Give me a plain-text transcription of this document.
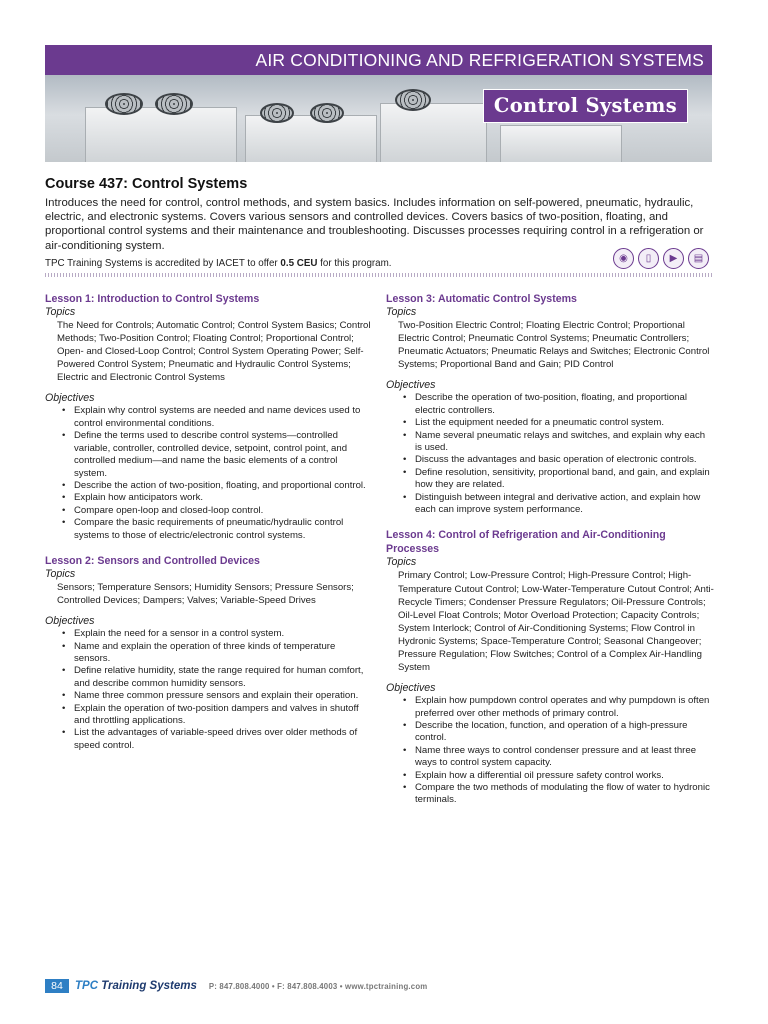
AIR CONDITIONING AND REFRIGERATION SYSTEMS
Control Systems
Course 437: Control Systems

Introduces the need for control, control methods, and system basics. Includes information on self-powered, pneumatic, hydraulic, electric, and electronic systems. Covers various sensors and controlled devices. Covers basics of two-position, floating, and proportional control systems and their maintenance and troubleshooting. Discusses processes requiring control in a refrigeration or air-conditioning system.

TPC Training Systems is accredited by IACET to offer 0.5 CEU for this program.	◉	▯	▶	▤

Lesson 1: Introduction to Control Systems

Topics

The Need for Controls; Automatic Control; Control System Basics; Control Methods; Two-Position Control; Floating Control; Proportional Control; Open- and Closed-Loop Control; Control System Operating Power; Self-Powered Control System; Pneumatic and Hydraulic Control Systems; Electric and Electronic Control Systems

Objectives

• Explain why control systems are needed and name devices used to control environmental conditions.
• Define the terms used to describe control systems—controlled variable, controller, controlled device, setpoint, control point, and controlled medium—and name the basic elements of a control system.
• Describe the action of two-position, floating, and proportional control.
• Explain how anticipators work.
• Compare open-loop and closed-loop control.
• Compare the basic requirements of pneumatic/hydraulic control systems to those of electric/electronic control systems.

Lesson 2: Sensors and Controlled Devices

Topics

Sensors; Temperature Sensors; Humidity Sensors; Pressure Sensors; Controlled Devices; Dampers; Valves; Variable-Speed Drives

Objectives

• Explain the need for a sensor in a control system.
• Name and explain the operation of three kinds of temperature sensors.
• Define relative humidity, state the range required for human comfort, and describe common humidity sensors.
• Name three common pressure sensors and explain their operation.
• Explain the operation of two-position dampers and valves in shutoff and throttling applications.
• List the advantages of variable-speed drives over older methods of speed control.

Lesson 3: Automatic Control Systems

Topics

Two-Position Electric Control; Floating Electric Control; Proportional Electric Control; Pneumatic Control Systems; Pneumatic Controllers; Pneumatic Actuators; Pneumatic Relays and Switches; Electronic Control Systems; Proportional Band and Gain; PID Control

Objectives

• Describe the operation of two-position, floating, and proportional electric controllers.
• List the equipment needed for a pneumatic control system.
• Name several pneumatic relays and switches, and explain why each is used.
• Discuss the advantages and basic operation of electronic controls.
• Define resolution, sensitivity, proportional band, and gain, and explain how they are related.
• Distinguish between integral and derivative action, and explain how each can improve system performance.

Lesson 4: Control of Refrigeration and Air-Conditioning Processes

Topics

Primary Control; Low-Pressure Control; High-Pressure Control; High-Temperature Cutout Control; Low-Water-Temperature Cutout Control; Anti-Recycle Timers; Condenser Pressure Regulators; Oil-Pressure Controls; Oil-Level Float Controls; Motor Overload Protection; Capacity Controls; System Interlock; Control of Air-Conditioning Systems; Flow Control in Hydronic Systems; Space-Temperature Control; Seasonal Changeover; Pressure Regulation; Flow Switches; Control of a Complex Air-Handling System

Objectives

• Explain how pumpdown control operates and why pumpdown is often preferred over other methods of primary control.
• Describe the location, function, and operation of a high-pressure control.
• Name three ways to control condenser pressure and at least three ways to control system capacity.
• Explain how a differential oil pressure safety control works.
• Compare the two methods of modulating the flow of water to hydronic terminals.
84	TPC Training Systems P: 847.808.4000 • F: 847.808.4003 • www.tpctraining.com
